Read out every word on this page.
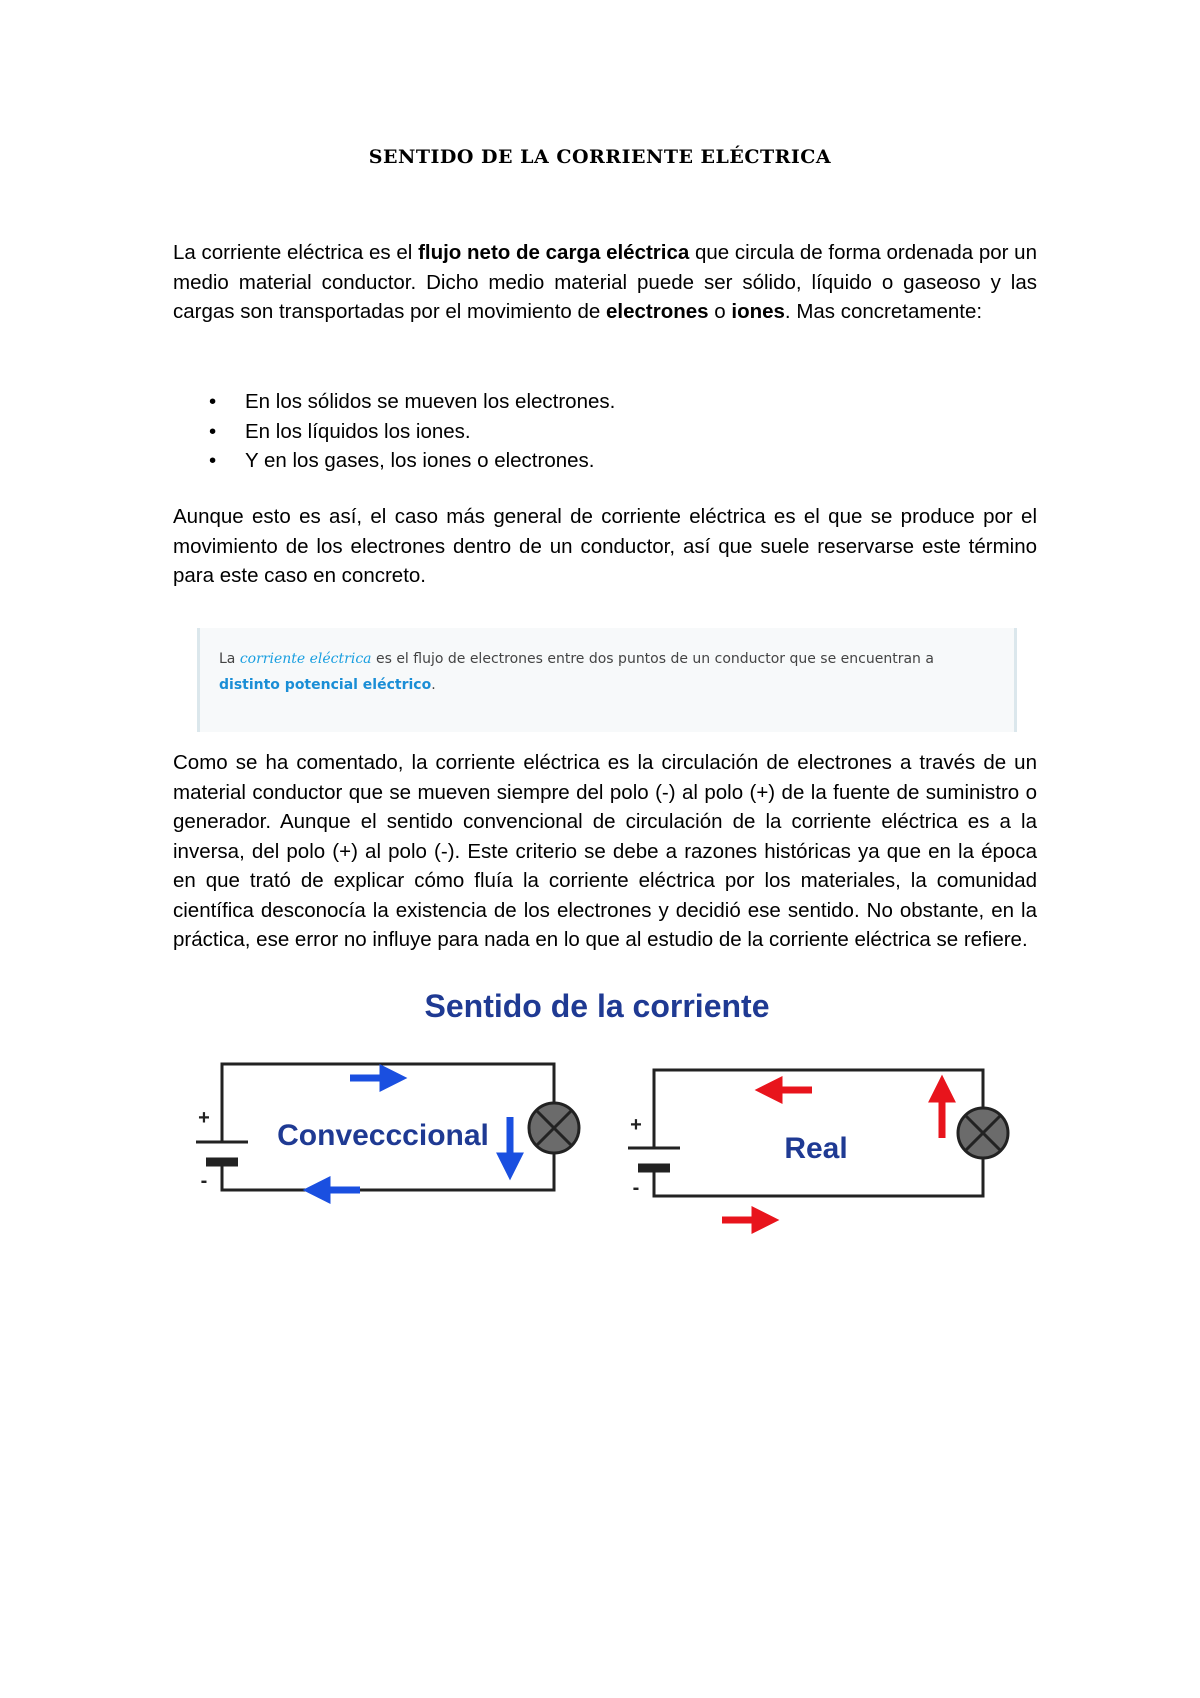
SENTIDO DE LA CORRIENTE ELÉCTRICA
La corriente eléctrica es el flujo neto de carga eléctrica que circula de forma ordenada por un medio material conductor. Dicho medio material puede ser sólido, líquido o gaseoso y las cargas son transportadas por el movimiento de electrones o iones. Mas concretamente:
• En los sólidos se mueven los electrones.
• En los líquidos los iones.
• Y en los gases, los iones o electrones.
Aunque esto es así, el caso más general de corriente eléctrica es el que se produce por el movimiento de los electrones dentro de un conductor, así que suele reservarse este término para este caso en concreto.
La corriente eléctrica es el flujo de electrones entre dos puntos de un conductor que se encuentran a distinto potencial eléctrico.
Como se ha comentado, la corriente eléctrica es la circulación de electrones a través de un material conductor que se mueven siempre del polo (-) al polo (+) de la fuente de suministro o generador. Aunque el sentido convencional de circulación de la corriente eléctrica es a la inversa, del polo (+) al polo (-). Este criterio se debe a razones históricas ya que en la época en que trató de explicar cómo fluía la corriente eléctrica por los materiales, la comunidad científica desconocía la existencia de los electrones y decidió ese sentido. No obstante, en la práctica, ese error no influye para nada en lo que al estudio de la corriente eléctrica se refiere.
Sentido de la corriente
+
-
Convecccional	+
-
Real
